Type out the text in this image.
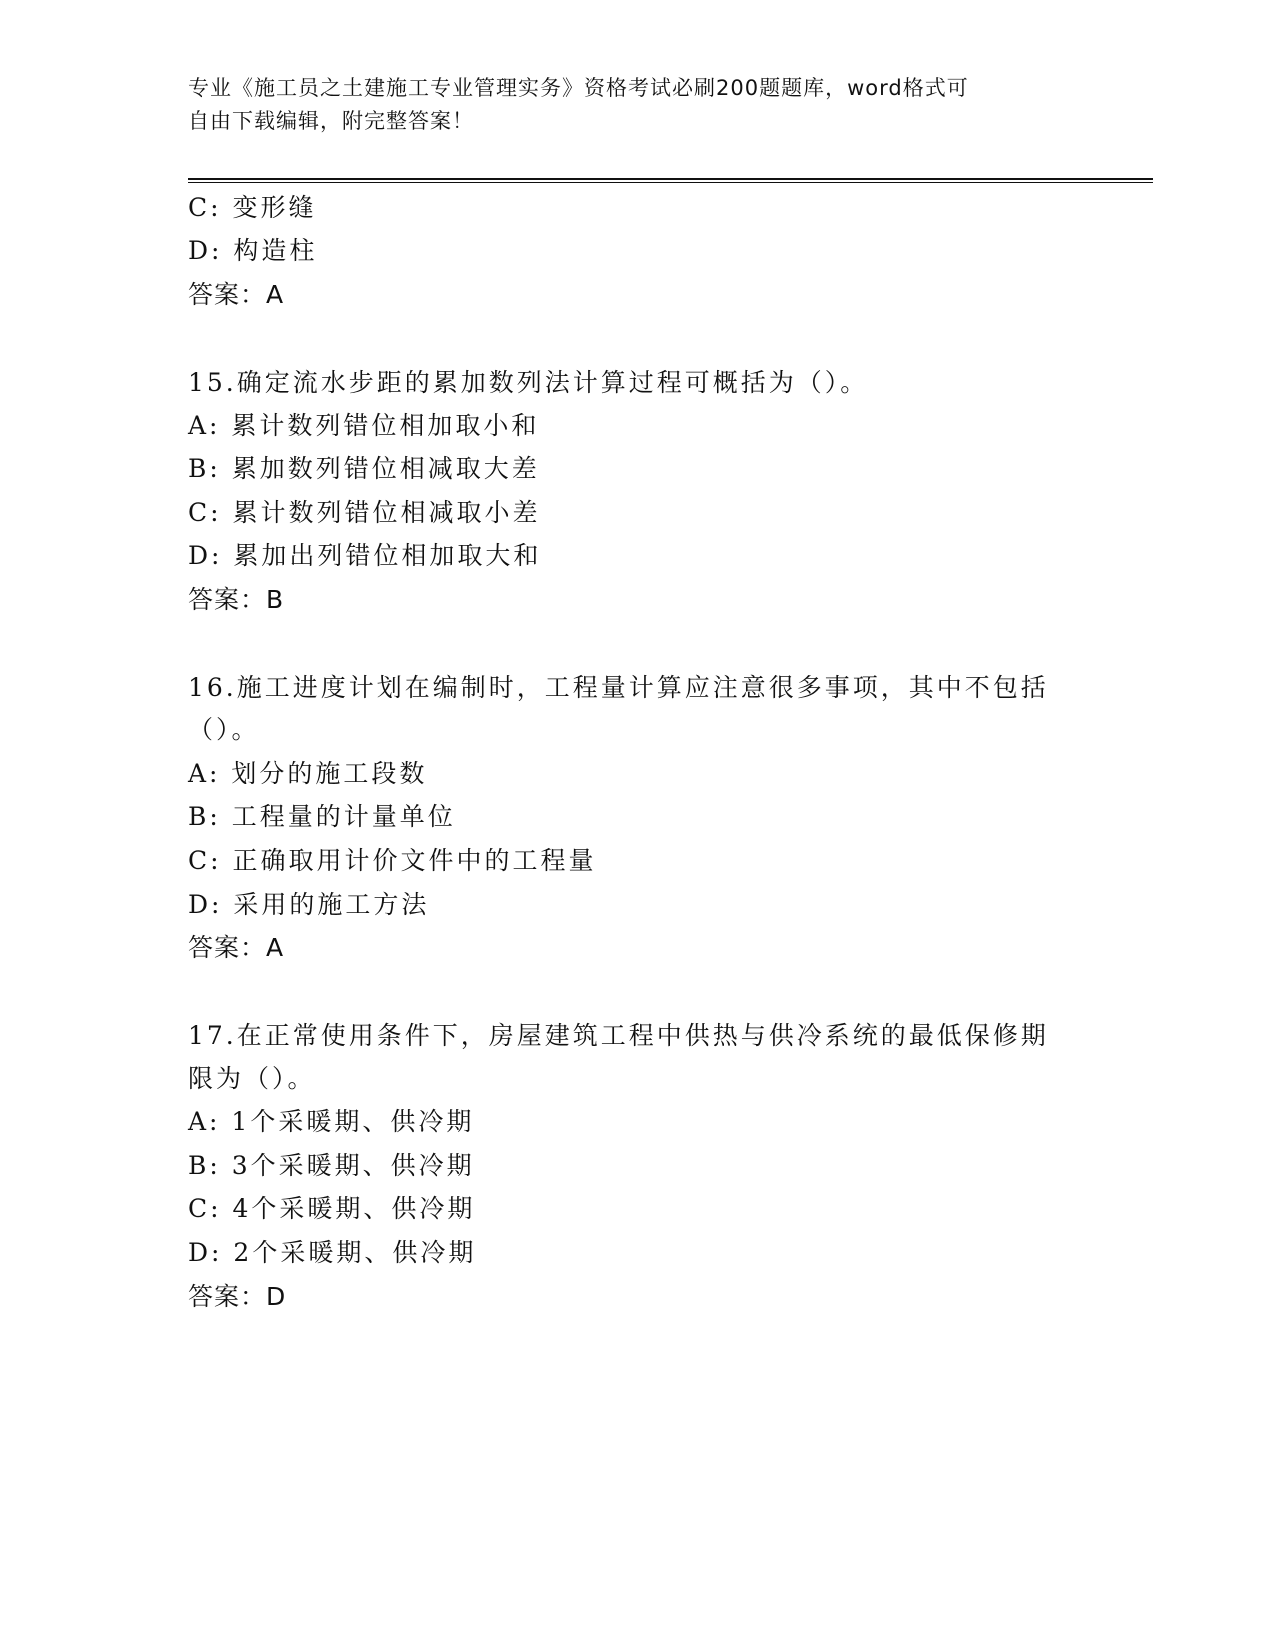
专业《施工员之土建施工专业管理实务》资格考试必刷200题题库，word格式可
自由下载编辑，附完整答案！
C: 变形缝
D: 构造柱
答案：A
15.确定流水步距的累加数列法计算过程可概括为（）。
A: 累计数列错位相加取小和
B: 累加数列错位相减取大差
C: 累计数列错位相减取小差
D: 累加出列错位相加取大和
答案：B
16.施工进度计划在编制时，工程量计算应注意很多事项，其中不包括
（）。
A: 划分的施工段数
B: 工程量的计量单位
C: 正确取用计价文件中的工程量
D: 采用的施工方法
答案：A
17.在正常使用条件下，房屋建筑工程中供热与供冷系统的最低保修期
限为（）。
A: 1个采暖期、供冷期
B: 3个采暖期、供冷期
C: 4个采暖期、供冷期
D: 2个采暖期、供冷期
答案：D
